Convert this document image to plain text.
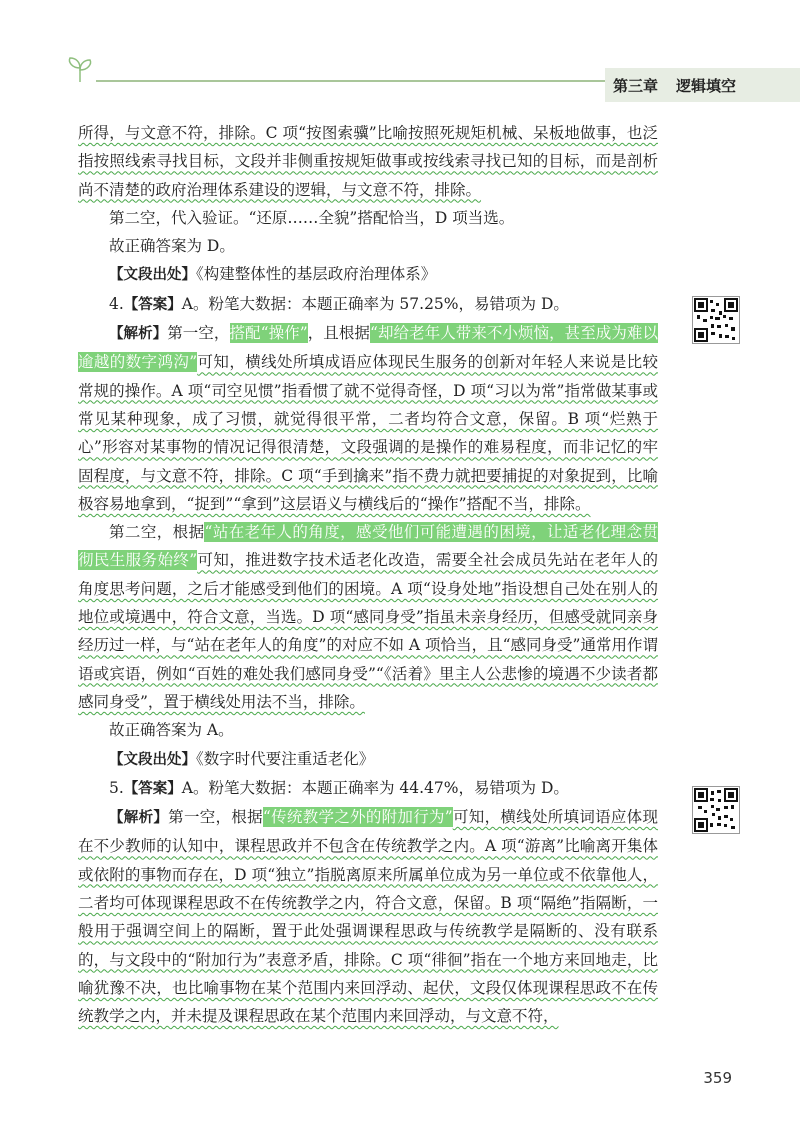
第三章 逻辑填空

所得，与文意不符，排除。C 项“按图索骥”比喻按照死规矩机械、呆板地做事，也泛指按照线索寻找目标，文段并非侧重按规矩做事或按线索寻找已知的目标，而是剖析尚不清楚的政府治理体系建设的逻辑，与文意不符，排除。

第二空，代入验证。“还原……全貌”搭配恰当，D 项当选。

故正确答案为 D。

【文段出处】《构建整体性的基层政府治理体系》

4.【答案】A。粉笔大数据：本题正确率为 57.25%，易错项为 D。

【解析】第一空，搭配“操作”，且根据“却给老年人带来不小烦恼，甚至成为难以逾越的数字鸿沟”可知，横线处所填成语应体现民生服务的创新对年轻人来说是比较常规的操作。A 项“司空见惯”指看惯了就不觉得奇怪，D 项“习以为常”指常做某事或常见某种现象，成了习惯，就觉得很平常，二者均符合文意，保留。B 项“烂熟于心”形容对某事物的情况记得很清楚，文段强调的是操作的难易程度，而非记忆的牢固程度，与文意不符，排除。C 项“手到擒来”指不费力就把要捕捉的对象捉到，比喻极容易地拿到，“捉到”“拿到”这层语义与横线后的“操作”搭配不当，排除。

第二空，根据“站在老年人的角度，感受他们可能遭遇的困境，让适老化理念贯彻民生服务始终”可知，推进数字技术适老化改造，需要全社会成员先站在老年人的角度思考问题，之后才能感受到他们的困境。A 项“设身处地”指设想自己处在别人的地位或境遇中，符合文意，当选。D 项“感同身受”指虽未亲身经历，但感受就同亲身经历过一样，与“站在老年人的角度”的对应不如 A 项恰当，且“感同身受”通常用作谓语或宾语，例如“百姓的难处我们感同身受”“《活着》里主人公悲惨的境遇不少读者都感同身受”，置于横线处用法不当，排除。

故正确答案为 A。

【文段出处】《数字时代要注重适老化》

5.【答案】A。粉笔大数据：本题正确率为 44.47%，易错项为 D。

【解析】第一空，根据“传统教学之外的附加行为”可知，横线处所填词语应体现在不少教师的认知中，课程思政并不包含在传统教学之内。A 项“游离”比喻离开集体或依附的事物而存在，D 项“独立”指脱离原来所属单位成为另一单位或不依靠他人，二者均可体现课程思政不在传统教学之内，符合文意，保留。B 项“隔绝”指隔断，一般用于强调空间上的隔断，置于此处强调课程思政与传统教学是隔断的、没有联系的，与文段中的“附加行为”表意矛盾，排除。C 项“徘徊”指在一个地方来回地走，比喻犹豫不决，也比喻事物在某个范围内来回浮动、起伏，文段仅体现课程思政不在传统教学之内，并未提及课程思政在某个范围内来回浮动，与文意不符，

359
